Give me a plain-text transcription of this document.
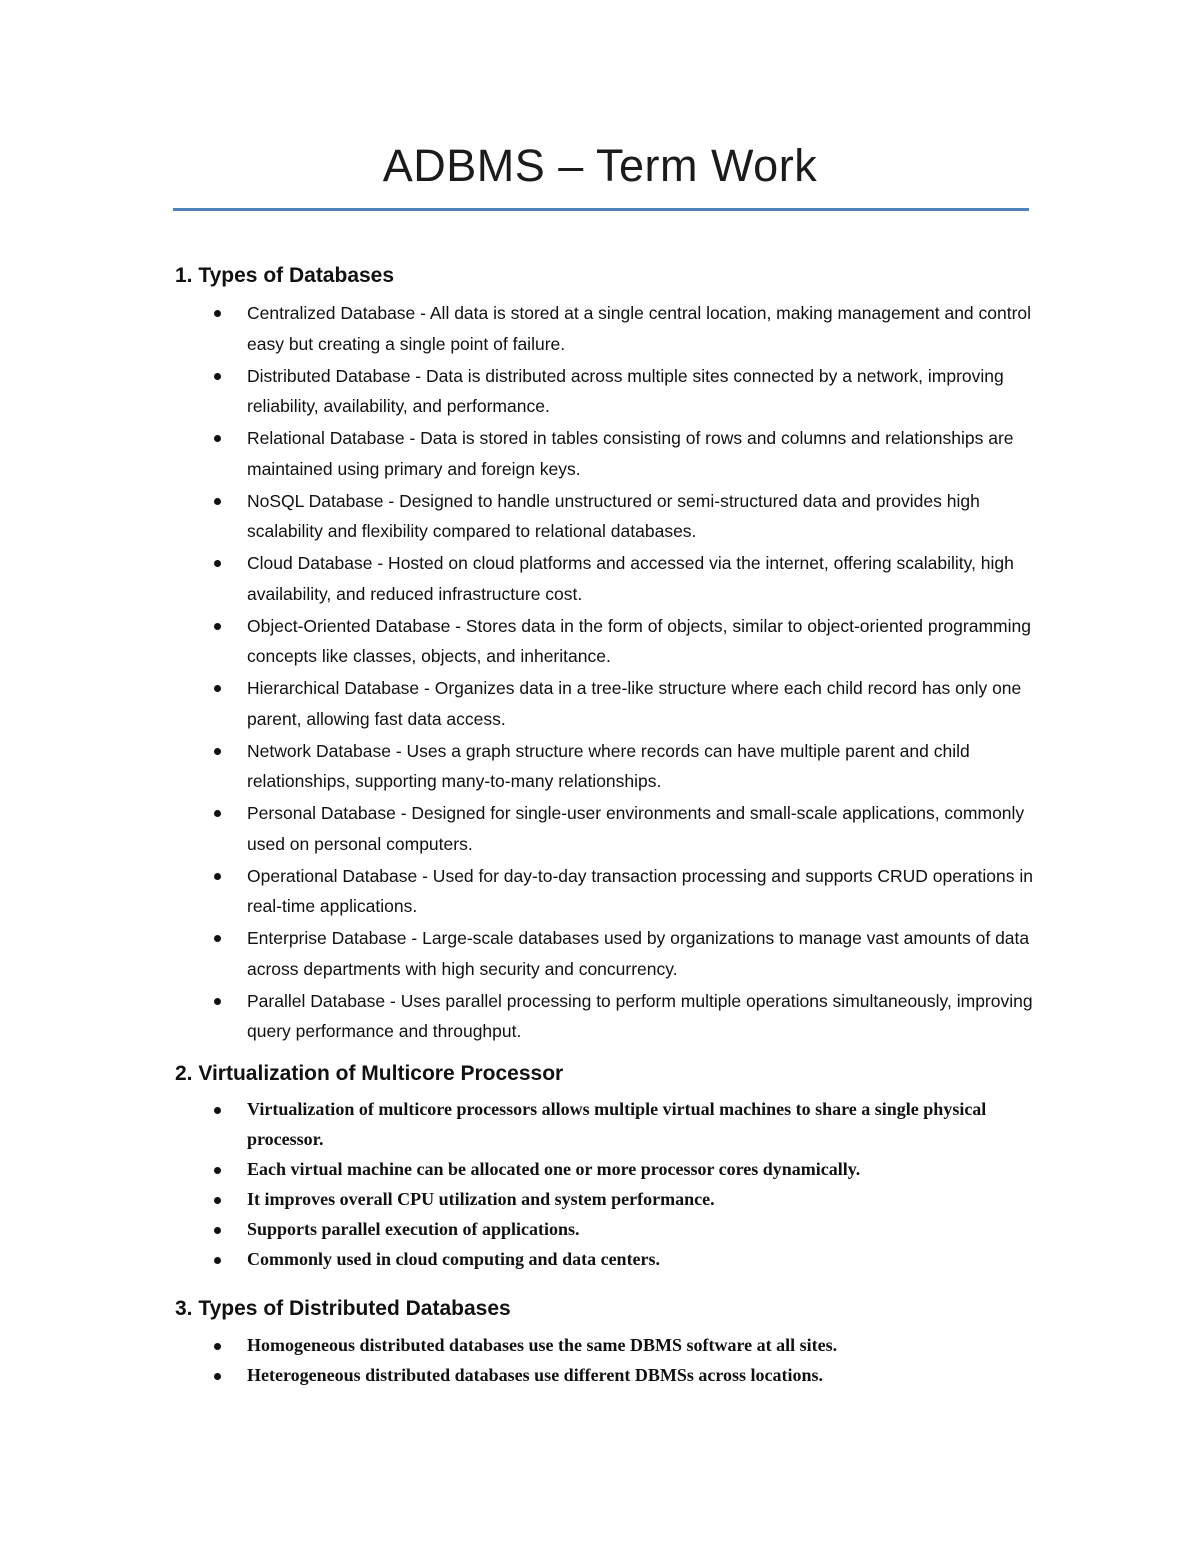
ADBMS – Term Work
1. Types of Databases
Centralized Database - All data is stored at a single central location, making management and control easy but creating a single point of failure.
Distributed Database - Data is distributed across multiple sites connected by a network, improving reliability, availability, and performance.
Relational Database - Data is stored in tables consisting of rows and columns and relationships are maintained using primary and foreign keys.
NoSQL Database - Designed to handle unstructured or semi-structured data and provides high scalability and flexibility compared to relational databases.
Cloud Database - Hosted on cloud platforms and accessed via the internet, offering scalability, high availability, and reduced infrastructure cost.
Object-Oriented Database - Stores data in the form of objects, similar to object-oriented programming concepts like classes, objects, and inheritance.
Hierarchical Database - Organizes data in a tree-like structure where each child record has only one parent, allowing fast data access.
Network Database - Uses a graph structure where records can have multiple parent and child relationships, supporting many-to-many relationships.
Personal Database - Designed for single-user environments and small-scale applications, commonly used on personal computers.
Operational Database - Used for day-to-day transaction processing and supports CRUD operations in real-time applications.
Enterprise Database - Large-scale databases used by organizations to manage vast amounts of data across departments with high security and concurrency.
Parallel Database - Uses parallel processing to perform multiple operations simultaneously, improving query performance and throughput.
2. Virtualization of Multicore Processor
Virtualization of multicore processors allows multiple virtual machines to share a single physical processor.
Each virtual machine can be allocated one or more processor cores dynamically.
It improves overall CPU utilization and system performance.
Supports parallel execution of applications.
Commonly used in cloud computing and data centers.
3. Types of Distributed Databases
Homogeneous distributed databases use the same DBMS software at all sites.
Heterogeneous distributed databases use different DBMSs across locations.
